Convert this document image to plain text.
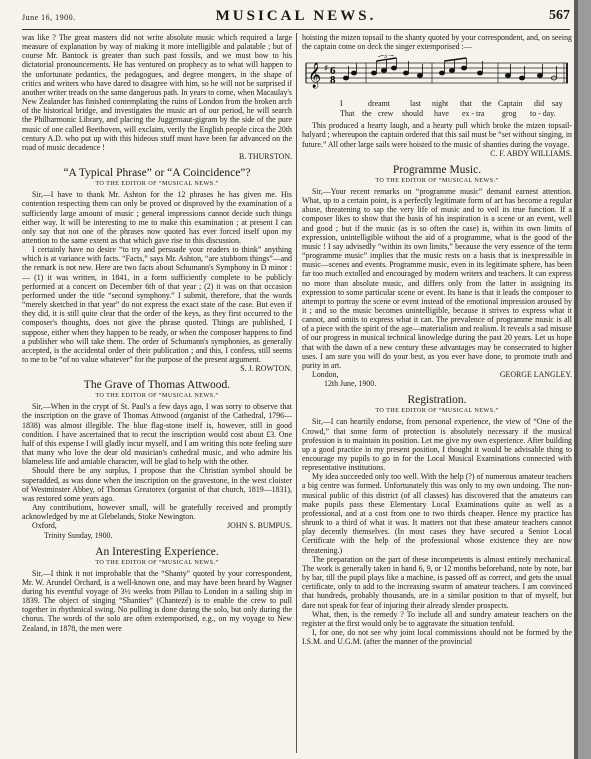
June 16, 1900.	MUSICAL NEWS.	567

was like ? The great masters did not write absolute music which required a large measure of explanation by way of making it more intelligible and palatable ; but of course Mr. Bantock is greater than such past fossils, and we must bow to his dictatorial pronouncements. He has ventured on prophecy as to what will happen to the unfortunate pedantics, the pedagogues, and degree mongers, in the shape of critics and writers who have dared to disagree with him, so he will not be surprised if another writer treads on the same dangerous path. In years to come, when Macaulay's New Zealander has finished contemplating the ruins of London from the broken arch of the historical bridge, and investigates the music art of our period, he will search the Philharmonic Library, and placing the Juggernaut-gigram by the side of the pure music of one called Beethoven, will exclaim, verily the English people circa the 20th century A.D. who put up with this hideous stuff must have been far advanced on the road of music decadence !

B. THURSTON.
“A Typical Phrase” or “A Coincidence”?
TO THE EDITOR OF “MUSICAL NEWS.”

Sir,—I have to thank Mr. Ashton for the 12 phrases he has given me. His contention respecting them can only be proved or disproved by the examination of a sufficiently large amount of music ; general impressions cannot decide such things either way. It will be interesting to me to make this examination ; at present I can only say that not one of the phrases now quoted has ever forced itself upon my attention to the same extent as that which gave rise to this discussion.

I certainly have no desire “to try and persuade your readers to think” anything which is at variance with facts. “Facts,” says Mr. Ashton, “are stubborn things”—and the remark is not new. Here are two facts about Schumann's Symphony in D minor :— (1) it was written, in 1841, in a form sufficiently complete to be publicly performed at a concert on December 6th of that year ; (2) it was on that occasion performed under the title “second symphony.” I submit, therefore, that the words “merely sketched in that year” do not express the exact state of the case. But even if they did, it is still quite clear that the order of the keys, as they first occurred to the composer's thoughts, does not give the phrase quoted. Things are published, I suppose, either when they happen to be ready, or when the composer happens to find a publisher who will take them. The order of Schumann's symphonies, as generally accepted, is the accidental order of their publication ; and this, I confess, still seems to me to be “of no value whatever” for the purpose of the present argument.

S. J. ROWTON.
The Grave of Thomas Attwood.
TO THE EDITOR OF “MUSICAL NEWS.”

Sir,—When in the crypt of St. Paul's a few days ago, I was sorry to observe that the inscription on the grave of Thomas Attwood (organist of the Cathedral, 1796—1838) was almost illegible. The blue flag-stone itself is, however, still in good condition. I have ascertained that to recut the inscription would cost about £3. One half of this expense I will gladly incur myself, and I am writing this note feeling sure that many who love the dear old musician's cathedral music, and who admire his blameless life and amiable character, will be glad to help with the other.

Should there be any surplus, I propose that the Christian symbol should be superadded, as was done when the inscription on the gravestone, in the west cloister of Westminster Abbey, of Thomas Greatorex (organist of that church, 1819—1831), was restored some years ago.

Any contributions, however small, will be gratefully received and promptly acknowledged by me at Glebelands, Stoke Newington.

Oxford,	JOHN S. BUMPUS.
Trinity Sunday, 1900.
An Interesting Experience.
TO THE EDITOR OF “MUSICAL NEWS.”

Sir,—I think it not improbable that the “Shanty” quoted by your correspondent, Mr. W. Arundel Orchard, is a well-known one, and may have been heard by Wagner during his eventful voyage of 3½ weeks from Pillau to London in a sailing ship in 1839. The object of singing “Shanties” (Chantezé) is to enable the crew to pull together in rhythmical swing. No pulling is done during the solo, but only during the chorus. The words of the solo are often extemporised, e.g., on my voyage to New Zealand, in 1878, the men were

hoisting the mizen topsail to the shanty quoted by your correspondent, and, on seeing the captain come on deck the singer extemporised :—

𝄞 ♯ 6
8
3
I	dreamt	last night that the Captain did say
That the crew should have ex - tra grog to - day.

This produced a hearty laugh, and a hearty pull which broke the mizen topsail-halyard ; whereupon the captain ordered that this sail must be “set without singing, in future.” All other large sails were hoisted to the music of shanties during the voyage.

C. F. ABDY WILLIAMS.
Programme Music.
TO THE EDITOR OF “MUSICAL NEWS.”

Sir,—Your recent remarks on “programme music” demand earnest attention. What, up to a certain point, is a perfectly legitimate form of art has become a regular abuse, threatening to sap the very life of music and to veil its true function. If a composer likes to show that the basis of his inspiration is a scene or an event, well and good ; but if the music (as is so often the case) is, within its own limits of expression, unintelligible without the aid of a programme, what is the good of the music ! I say advisedly “within its own limits,” because the very essence of the term “programme music” implies that the music rests on a basis that is inexpressible in music—scenes and events. Programme music, even in its legitimate sphere, has been far too much extolled and encouraged by modern writers and teachers. It can express no more than absolute music, and differs only from the latter in assigning its expression to some particular scene or event. Its bane is that it leads the composer to attempt to portray the scene or event instead of the emotional impression aroused by it ; and so the music becomes unintelligible, because it strives to express what it cannot, and omits to express what it can. The prevalence of programme music is all of a piece with the spirit of the age—materialism and realism. It reveals a sad misuse of our progress in musical technical knowledge during the past 20 years. Let us hope that with the dawn of a new century these advantages may be consecrated to higher uses. I am sure you will do your best, as you ever have done, to promote truth and purity in art.

London,	GEORGE LANGLEY.
12th June, 1900.
Registration.
TO THE EDITOR OF “MUSICAL NEWS.”

Sir,—I can heartily endorse, from personal experience, the view of “One of the Crowd,” that some form of protection is absolutely necessary if the musical profession is to maintain its position. Let me give my own experience. After building up a good practice in my present position, I thought it would be advisable thing to encourage my pupils to go in for the Local Musical Examinations connected with representative institutions.

My idea succeeded only too well. With the help (?) of numerous amateur teachers a big centre was formed. Unfortunately this was only to my own undoing. The non-musical public of this district (of all classes) has discovered that the amateurs can make pupils pass these Elementary Local Examinations quite as well as a professional, and at a cost from one to two thirds cheaper. Hence my practice has shrunk to a third of what it was. It matters not that these amateur teachers cannot play decently themselves. (In most cases they have secured a Senior Local Certificate with the help of the professional whose existence they are now threatening.)

The preparation on the part of these incompetents is almost entirely mechanical. The work is generally taken in hand 6, 9, or 12 months beforehand, note by note, bar by bar, till the pupil plays like a machine, is passed off as correct, and gets the usual certificate, only to add to the increasing swarm of amateur teachers. I am convinced that hundreds, probably thousands, are in a similar position to that of myself, but dare not speak for fear of injuring their already slender prospects.

What, then, is the remedy ? To include all and sundry amateur teachers on the register at the first would only be to aggravate the situation tenfold.

I, for one, do not see why joint local commissions should not be formed by the I.S.M. and U.G.M. (after the manner of the provincial
